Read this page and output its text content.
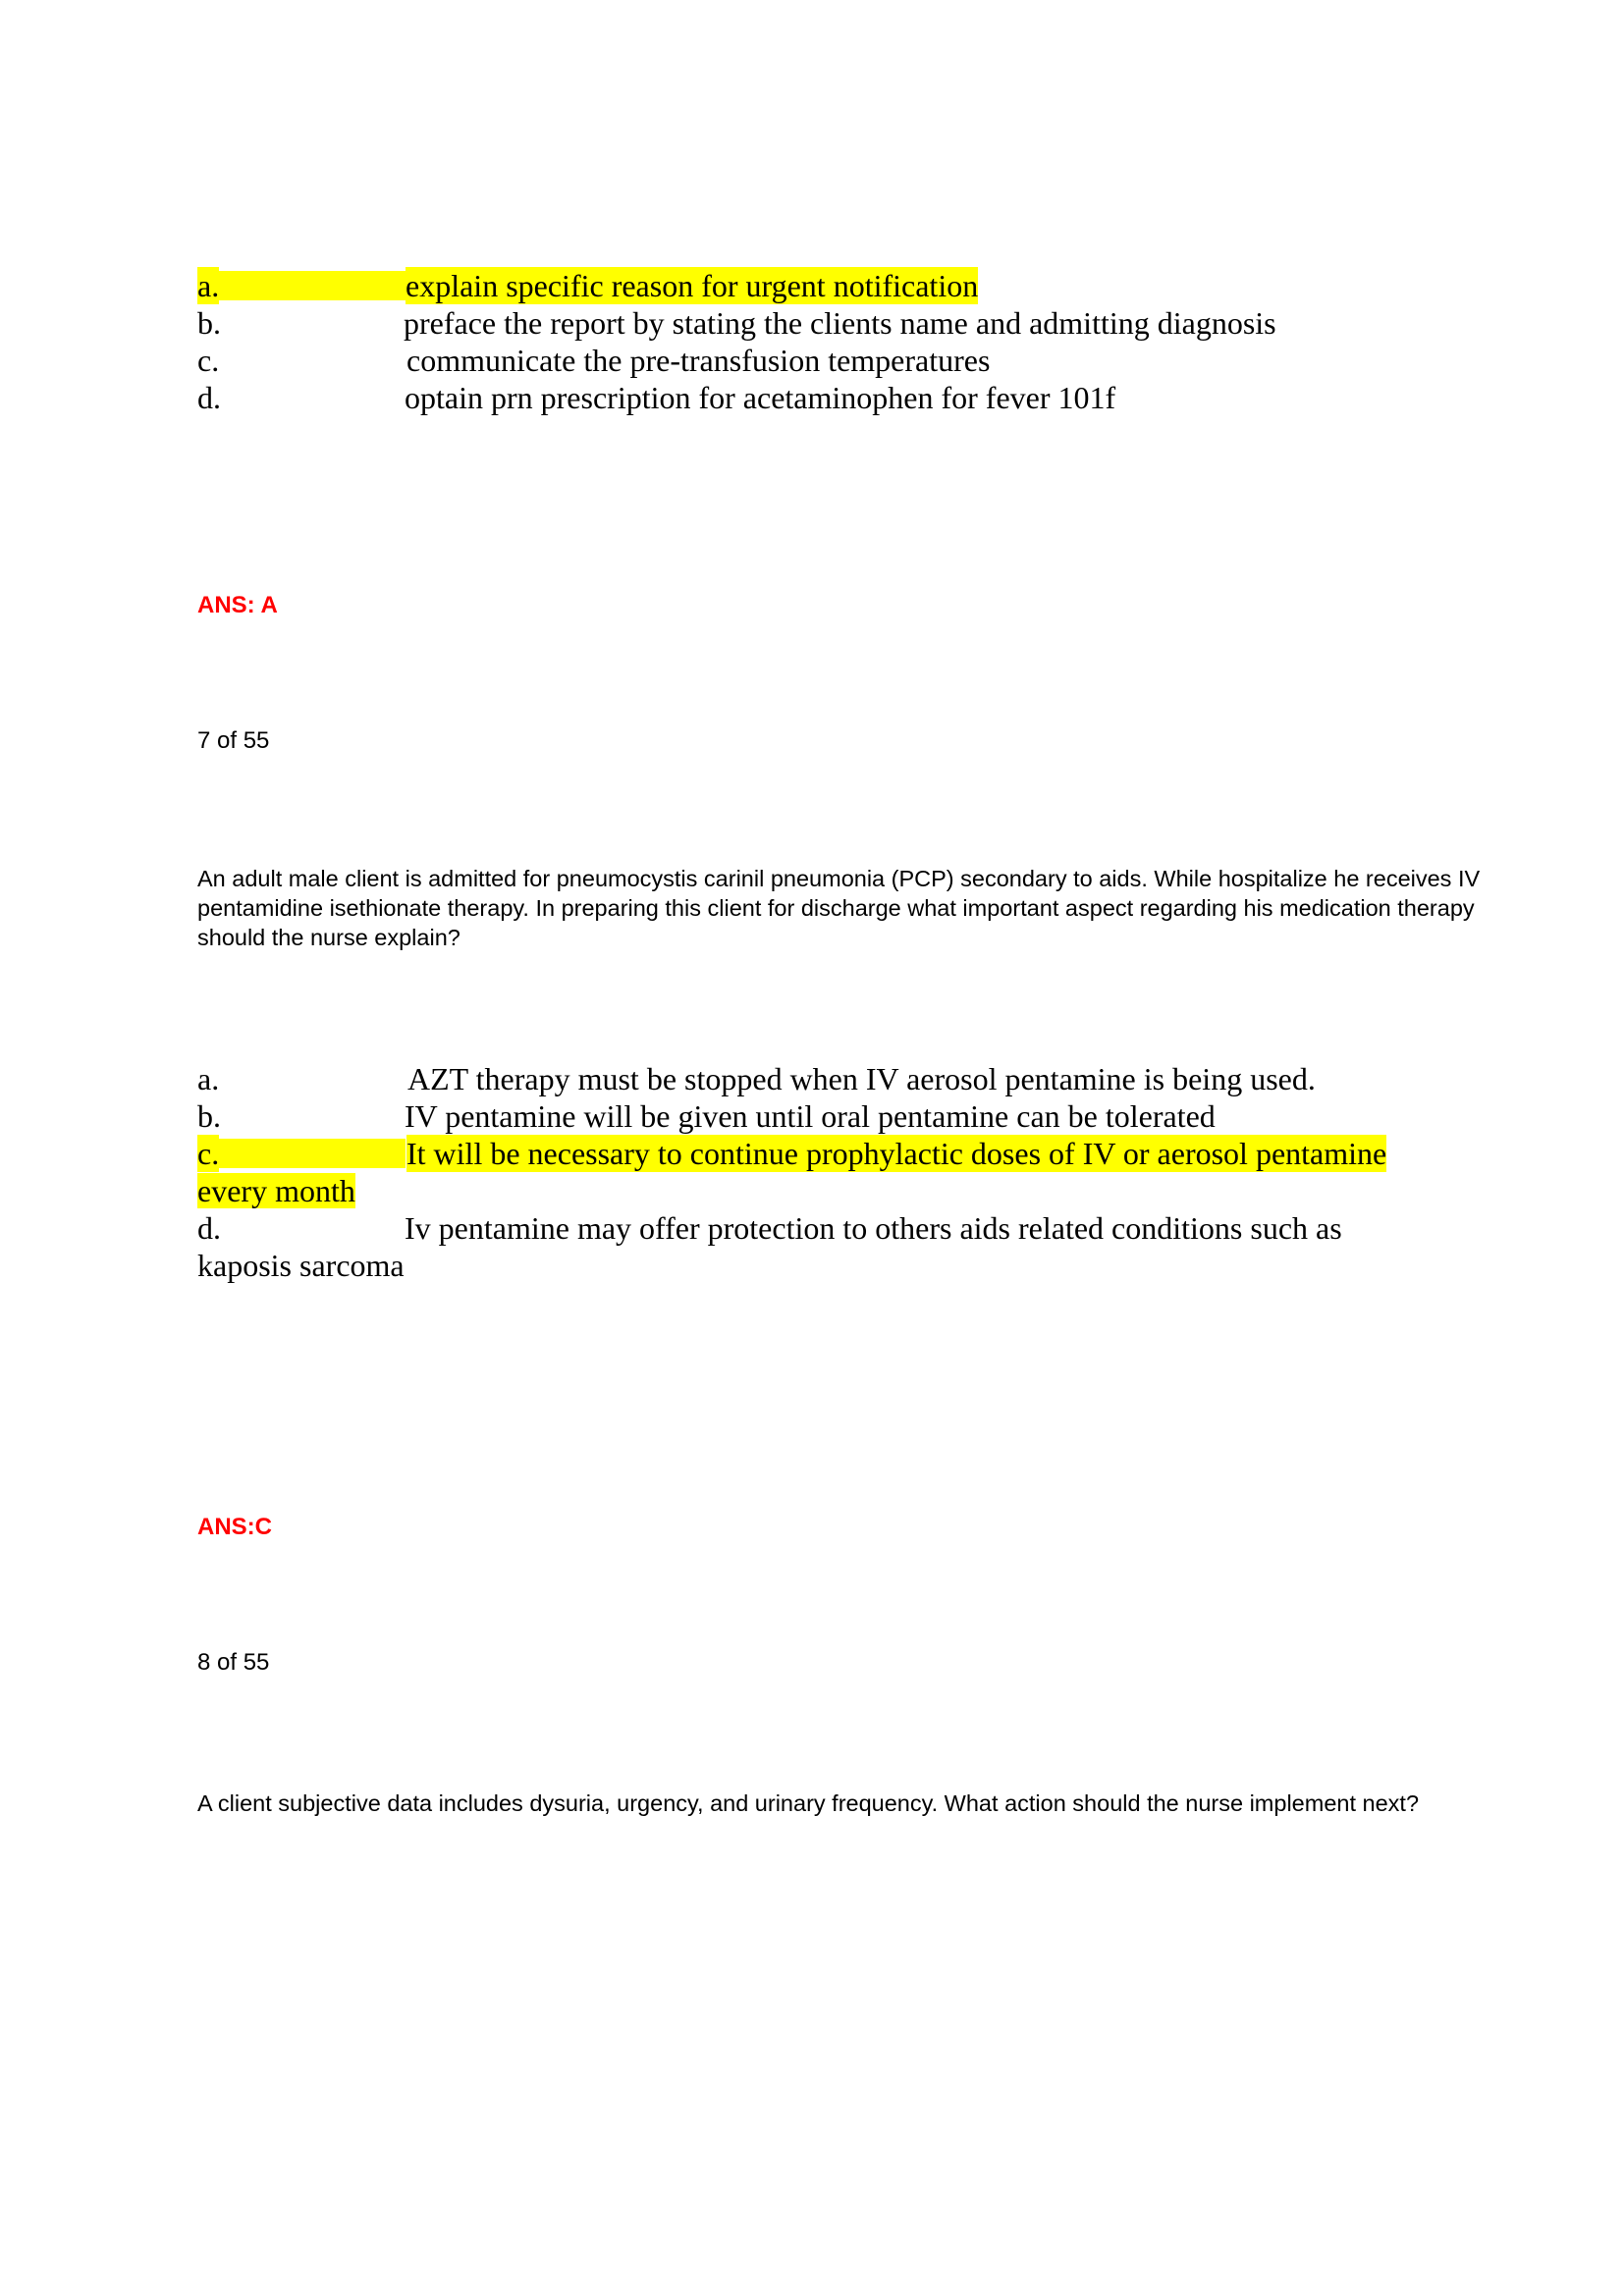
a.	explain specific reason for urgent notification
b.	preface the report by stating the clients name and admitting diagnosis
c.	communicate the pre-transfusion temperatures
d.	optain prn prescription for acetaminophen for fever 101f
ANS: A
7 of 55
An adult male client is admitted for pneumocystis carinil pneumonia (PCP) secondary to aids. While hospitalize he receives IV pentamidine isethionate therapy. In preparing this client for discharge what important aspect regarding his medication therapy should the nurse explain?
a.	AZT therapy must be stopped when IV aerosol pentamine is being used.
b.	IV pentamine will be given until oral pentamine can be tolerated
c.	It will be necessary to continue prophylactic doses of IV or aerosol pentamine
every month
d.	Iv pentamine may offer protection to others aids related conditions such as
kaposis sarcoma
ANS:C
8 of 55
A client subjective data includes dysuria, urgency, and urinary frequency. What action should the nurse implement next?
